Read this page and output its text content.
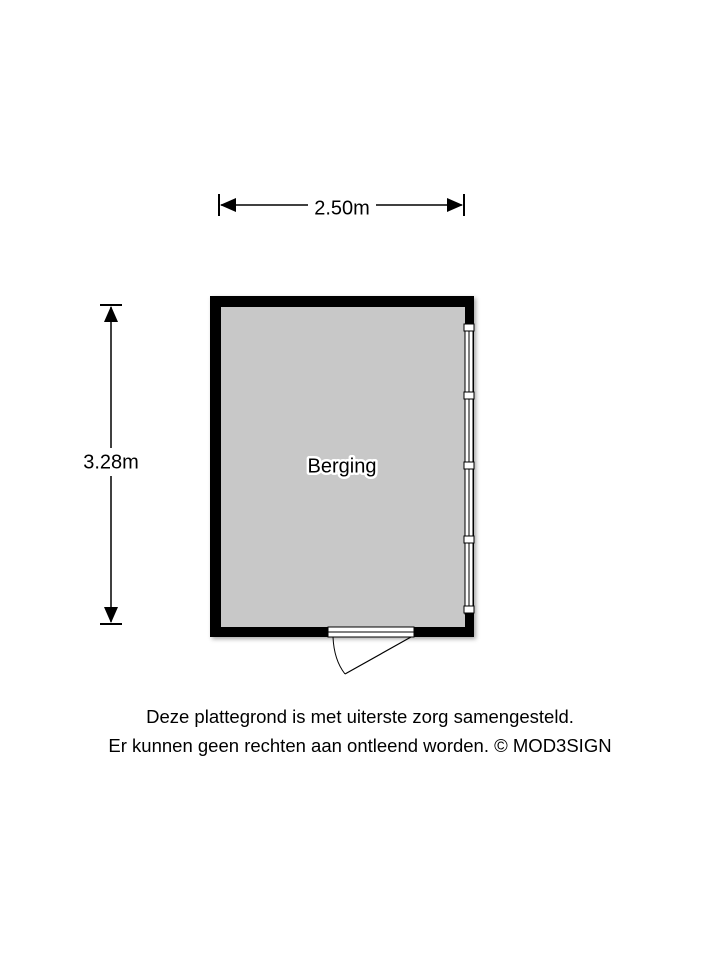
2.50m
3.28m	Berging
Deze plattegrond is met uiterste zorg samengesteld.
Er kunnen geen rechten aan ontleend worden. © MOD3SIGN
